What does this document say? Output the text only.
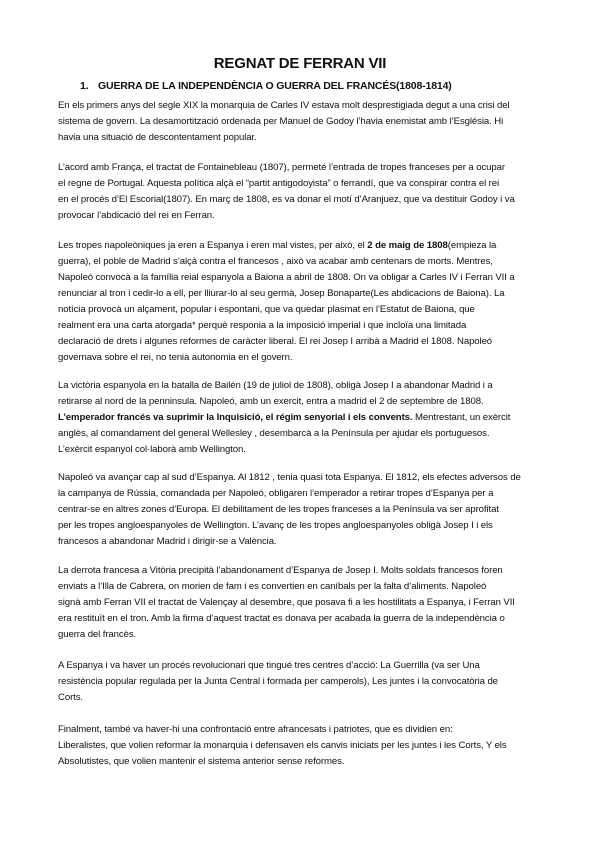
REGNAT DE FERRAN VII
1. GUERRA DE LA INDEPENDÈNCIA O GUERRA DEL FRANCÉS(1808-1814)

En els primers anys del segle XIX la monarquia de Carles IV estava molt desprestigiada degut a una crisi del

sistema de govern. La desamortització ordenada per Manuel de Godoy l’havia enemistat amb l’Església. Hi

havia una situació de descontentament popular.

L’acord amb França, el tractat de Fontainebleau (1807), permeté l’entrada de tropes franceses per a ocupar

el regne de Portugal. Aquesta política alçà el “partit antigodoyista” o ferrandí, que va conspirar contra el rei

en el procés d’El Escorial(1807). En març de 1808, es va donar el motí d’Aranjuez, que va destituir Godoy i va

provocar l’abdicació del rei en Ferran.

Les tropes napoleòniques ja eren a Espanya i eren mal vistes, per això, el 2 de maig de 1808(empieza la

guerra), el poble de Madrid s’alçà contra el francesos , això va acabar amb centenars de morts. Mentres,

Napoleó convocà a la família reial espanyola a Baiona a abril de 1808. On va obligar a Carles IV i Ferran VII a

renunciar al tron i cedir-lo a ell, per lliurar-lo al seu germà, Josep Bonaparte(Les abdicacions de Baiona). La

notícia provocà un alçament, popular i espontani, que va quedar plasmat en l’Estatut de Baiona, que

realment era una carta atorgada* perquè responia a la imposició imperial i que incloïa una limitada

declaració de drets i algunes reformes de caràcter liberal. El rei Josep I arribà a Madrid el 1808. Napoleó

governava sobre el rei, no tenia autonomia en el govern.

La victòria espanyola en la batalla de Bailén (19 de juliol de 1808), obligà Josep I a abandonar Madrid i a

retirarse al nord de la penninsula. Napoleó, amb un exercit, entra a madrid el 2 de septembre de 1808.

L’emperador francés va suprimir la Inquisició, el régim senyorial i els convents. Mentrestant, un exèrcit

anglès, al comandament del general Wellesley , desembarcà a la Península per ajudar els portuguesos.

L’exèrcit espanyol col·laborà amb Wellington.

Napoleó va avançar cap al sud d’Espanya. Al 1812 , tenia quasi tota Espanya. El 1812, els efectes adversos de

la campanya de Rússia, comandada per Napoleó, obligaren l’emperador a retirar tropes d’Espanya per a

centrar-se en altres zones d’Europa. El debilitament de les tropes franceses a la Península va ser aprofitat

per les tropes angloespanyoles de Wellington. L’avanç de les tropes angloespanyoles obligà Josep I i els

francesos a abandonar Madrid i dirigir-se a València.

La derrota francesa a Vitòria precipità l’abandonament d’Espanya de Josep I. Molts soldats francesos foren

enviats a l’Illa de Cabrera, on morien de fam i es convertien en caníbals per la falta d’aliments. Napoleó

signà amb Ferran VII el tractat de Valençay al desembre, que posava fi a les hostilitats a Espanya, i Ferran VII

era restituït en el tron. Amb la firma d’aquest tractat es donava per acabada la guerra de la independència o

guerra del francès.

A Espanya i va haver un procés revolucionari que tingué tres centres d’acció: La Guerrilla (va ser Una

resistència popular regulada per la Junta Central i formada per camperols), Les juntes i la convocatòria de

Corts.

Finalment, també va haver-hi una confrontació entre afrancesats i patriotes, que es dividien en:

Liberalistes, que volien reformar la monarquia i defensaven els canvis iniciats per les juntes i les Corts, Y els

Absolutistes, que volien mantenir el sistema anterior sense reformes.
